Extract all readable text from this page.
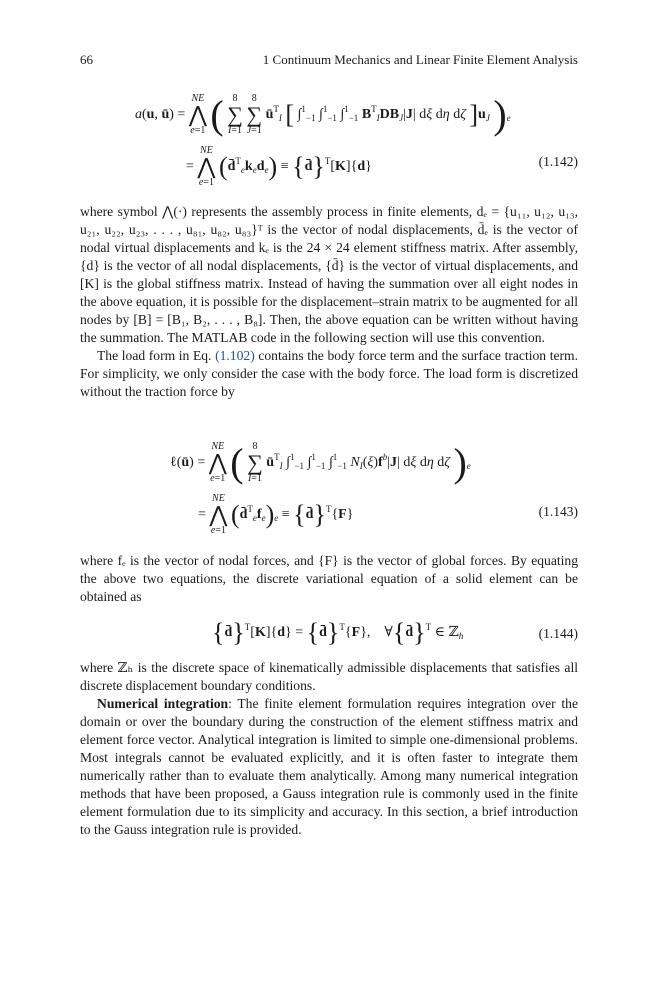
66	1 Continuum Mechanics and Linear Finite Element Analysis
a(u, ū) = NE
⋀
e=1 ( 8
∑
I=1 8
∑
J=1 $ū^T_I$ [ ∫$^1_{-1}$ ∫$^1_{-1}$ ∫$^1_{-1}$ $B^T_IDB_J|J|$ dξ dη dζ ]$u_J$ )$_e$
= NE
⋀
e=1 $(d̄^T_ek_ed_e)$ ≡ {d̄}$^T$[K]{d}	(1.142)

where symbol ⋀(·) represents the assembly process in finite elements, dₑ = {u₁₁, u₁₂, u₁₃, u₂₁, u₂₂, u₂₃, . . . , u₈₁, u₈₂, u₈₃}ᵀ is the vector of nodal displacements, d̄ₑ is the vector of nodal virtual displacements and kₑ is the 24 × 24 element stiffness matrix. After assembly, {d} is the vector of all nodal displacements, {d̄} is the vector of virtual displacements, and [K] is the global stiffness matrix. Instead of having the summation over all eight nodes in the above equation, it is possible for the displacement–strain matrix to be augmented for all nodes by [B] = [B₁, B₂, . . . , B₈]. Then, the above equation can be written without having the summation. The MATLAB code in the following section will use this convention.

The load form in Eq. (1.102) contains the body force term and the surface traction term. For simplicity, we only consider the case with the body force. The load form is discretized without the traction force by

ℓ(ū) = NE
⋀
e=1 ( 8
∑
I=1 $ū^T_I$ ∫$^1_{-1}$ ∫$^1_{-1}$ ∫$^1_{-1}$ $N_I(\xi)f^b|J|$ dξ dη dζ )$_e$
= NE
⋀
e=1 $(d̄^T_ef_e)_e$ ≡ {d̄}$^T${F}	(1.143)

where fₑ is the vector of nodal forces, and {F} is the vector of global forces. By equating the above two equations, the discrete variational equation of a solid element can be obtained as

{d̄}$^T$[K]{d} = {d̄}$^T${F},    ∀{d̄}$^T$ ∈ ℤ$_h$	(1.144)

where ℤₕ is the discrete space of kinematically admissible displacements that satisfies all discrete displacement boundary conditions.

Numerical integration: The finite element formulation requires integration over the domain or over the boundary during the construction of the element stiffness matrix and element force vector. Analytical integration is limited to simple one-dimensional problems. Most integrals cannot be evaluated explicitly, and it is often faster to integrate them numerically rather than to evaluate them analytically. Among many numerical integration methods that have been proposed, a Gauss integration rule is commonly used in the finite element formulation due to its simplicity and accuracy. In this section, a brief introduction to the Gauss integration rule is provided.
